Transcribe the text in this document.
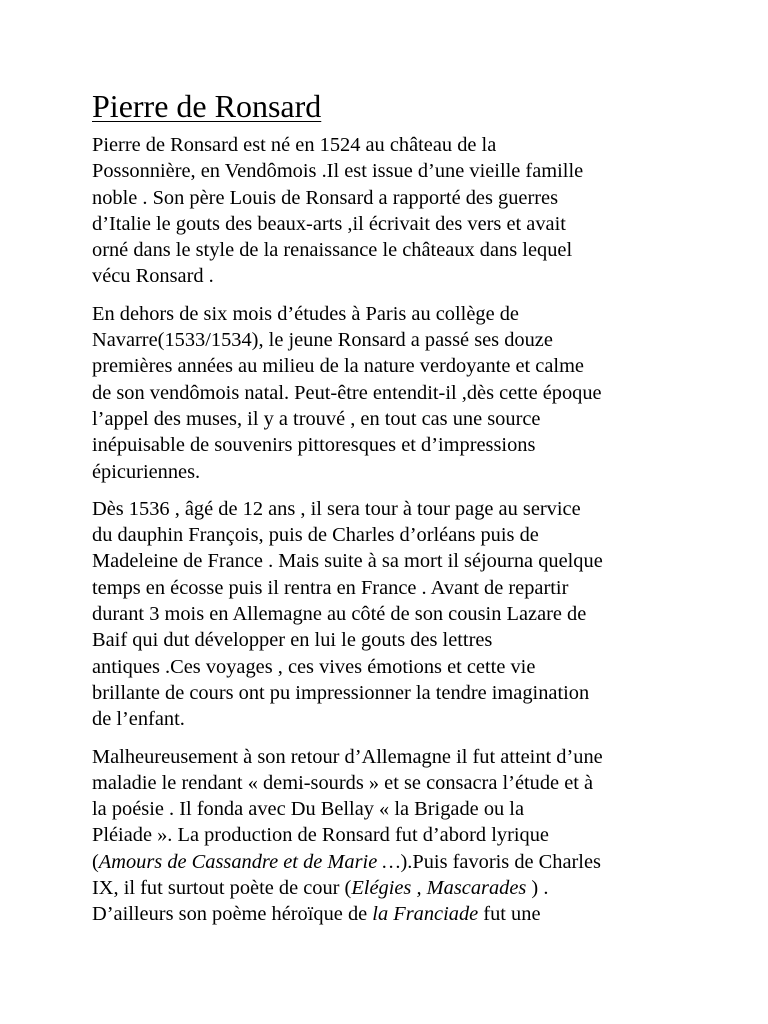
Pierre de Ronsard

Pierre de Ronsard est né en 1524 au château de la
Possonnière, en Vendômois .Il est issue d’une vieille famille
noble . Son père Louis de Ronsard a rapporté des guerres
d’Italie le gouts des beaux-arts ,il écrivait des vers et avait
orné dans le style de la renaissance le châteaux dans lequel
vécu Ronsard .

En dehors de six mois d’études à Paris au collège de
Navarre(1533/1534), le jeune Ronsard a passé ses douze
premières années au milieu de la nature verdoyante et calme
de son vendômois natal. Peut-être entendit-il ,dès cette époque
l’appel des muses, il y a trouvé , en tout cas une source
inépuisable de souvenirs pittoresques et d’impressions
épicuriennes.

Dès 1536 , âgé de 12 ans , il sera tour à tour page au service
du dauphin François, puis de Charles d’orléans puis de
Madeleine de France . Mais suite à sa mort il séjourna quelque
temps en écosse puis il rentra en France . Avant de repartir
durant 3 mois en Allemagne au côté de son cousin Lazare de
Baif qui dut développer en lui le gouts des lettres
antiques .Ces voyages , ces vives émotions et cette vie
brillante de cours ont pu impressionner la tendre imagination
de l’enfant.

Malheureusement à son retour d’Allemagne il fut atteint d’une
maladie le rendant « demi-sourds » et se consacra l’étude et à
la poésie . Il fonda avec Du Bellay « la Brigade ou la
Pléiade ». La production de Ronsard fut d’abord lyrique
(Amours de Cassandre et de Marie …).Puis favoris de Charles
IX, il fut surtout poète de cour (Elégies , Mascarades ) .
D’ailleurs son poème héroïque de la Franciade fut une
